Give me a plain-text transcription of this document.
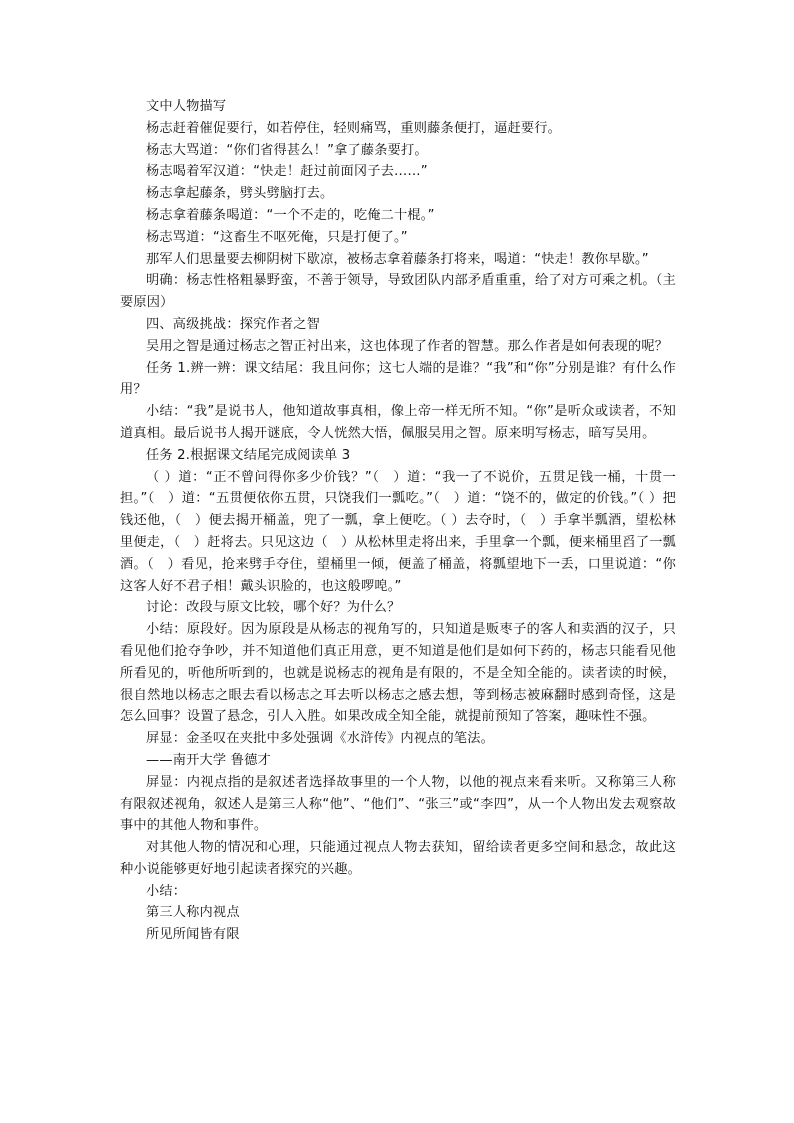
文中人物描写

杨志赶着催促要行，如若停住，轻则痛骂，重则藤条便打，逼赶要行。

杨志大骂道：“你们省得甚么！”拿了藤条要打。

杨志喝着军汉道：“快走！赶过前面冈子去……”

杨志拿起藤条，劈头劈脑打去。

杨志拿着藤条喝道：“一个不走的，吃俺二十棍。”

杨志骂道：“这畜生不呕死俺，只是打便了。”

那军人们思量要去柳阴树下歇凉，被杨志拿着藤条打将来，喝道：“快走！教你早歇。”

明确：杨志性格粗暴野蛮，不善于领导，导致团队内部矛盾重重，给了对方可乘之机。（主要原因）

四、高级挑战：探究作者之智

吴用之智是通过杨志之智正衬出来，这也体现了作者的智慧。那么作者是如何表现的呢？

任务 1.辨一辨：课文结尾：我且问你；这七人端的是谁？“我”和“你”分别是谁？有什么作用？

小结：“我”是说书人，他知道故事真相，像上帝一样无所不知。“你”是听众或读者，不知道真相。最后说书人揭开谜底，令人恍然大悟，佩服吴用之智。原来明写杨志，暗写吴用。

任务 2.根据课文结尾完成阅读单 3

（ ）道：“正不曾问得你多少价钱？”（　）道：“我一了不说价，五贯足钱一桶，十贯一担。”（　）道：“五贯便依你五贯，只饶我们一瓢吃。”（　）道：“饶不的，做定的价钱。”（ ）把钱还他，（　）便去揭开桶盖，兜了一瓢，拿上便吃。（ ）去夺时，（　）手拿半瓢酒，望松林里便走，（　）赶将去。只见这边（　）从松林里走将出来，手里拿一个瓢，便来桶里舀了一瓢酒。（　）看见，抢来劈手夺住，望桶里一倾，便盖了桶盖，将瓢望地下一丢，口里说道：“你这客人好不君子相！戴头识脸的，也这般啰唣。”

讨论：改段与原文比较，哪个好？为什么？

小结：原段好。因为原段是从杨志的视角写的，只知道是贩枣子的客人和卖酒的汉子，只看见他们抢夺争吵，并不知道他们真正用意，更不知道是他们是如何下药的，杨志只能看见他所看见的，听他所听到的，也就是说杨志的视角是有限的，不是全知全能的。读者读的时候，很自然地以杨志之眼去看以杨志之耳去听以杨志之感去想，等到杨志被麻翻时感到奇怪，这是怎么回事？设置了悬念，引人入胜。如果改成全知全能，就提前预知了答案，趣味性不强。

屏显：金圣叹在夹批中多处强调《水浒传》内视点的笔法。

——南开大学 鲁德才

屏显：内视点指的是叙述者选择故事里的一个人物，以他的视点来看来听。又称第三人称有限叙述视角，叙述人是第三人称“他”、“他们”、“张三”或“李四”，从一个人物出发去观察故事中的其他人物和事件。

对其他人物的情况和心理，只能通过视点人物去获知，留给读者更多空间和悬念，故此这种小说能够更好地引起读者探究的兴趣。

小结：

第三人称内视点

所见所闻皆有限
